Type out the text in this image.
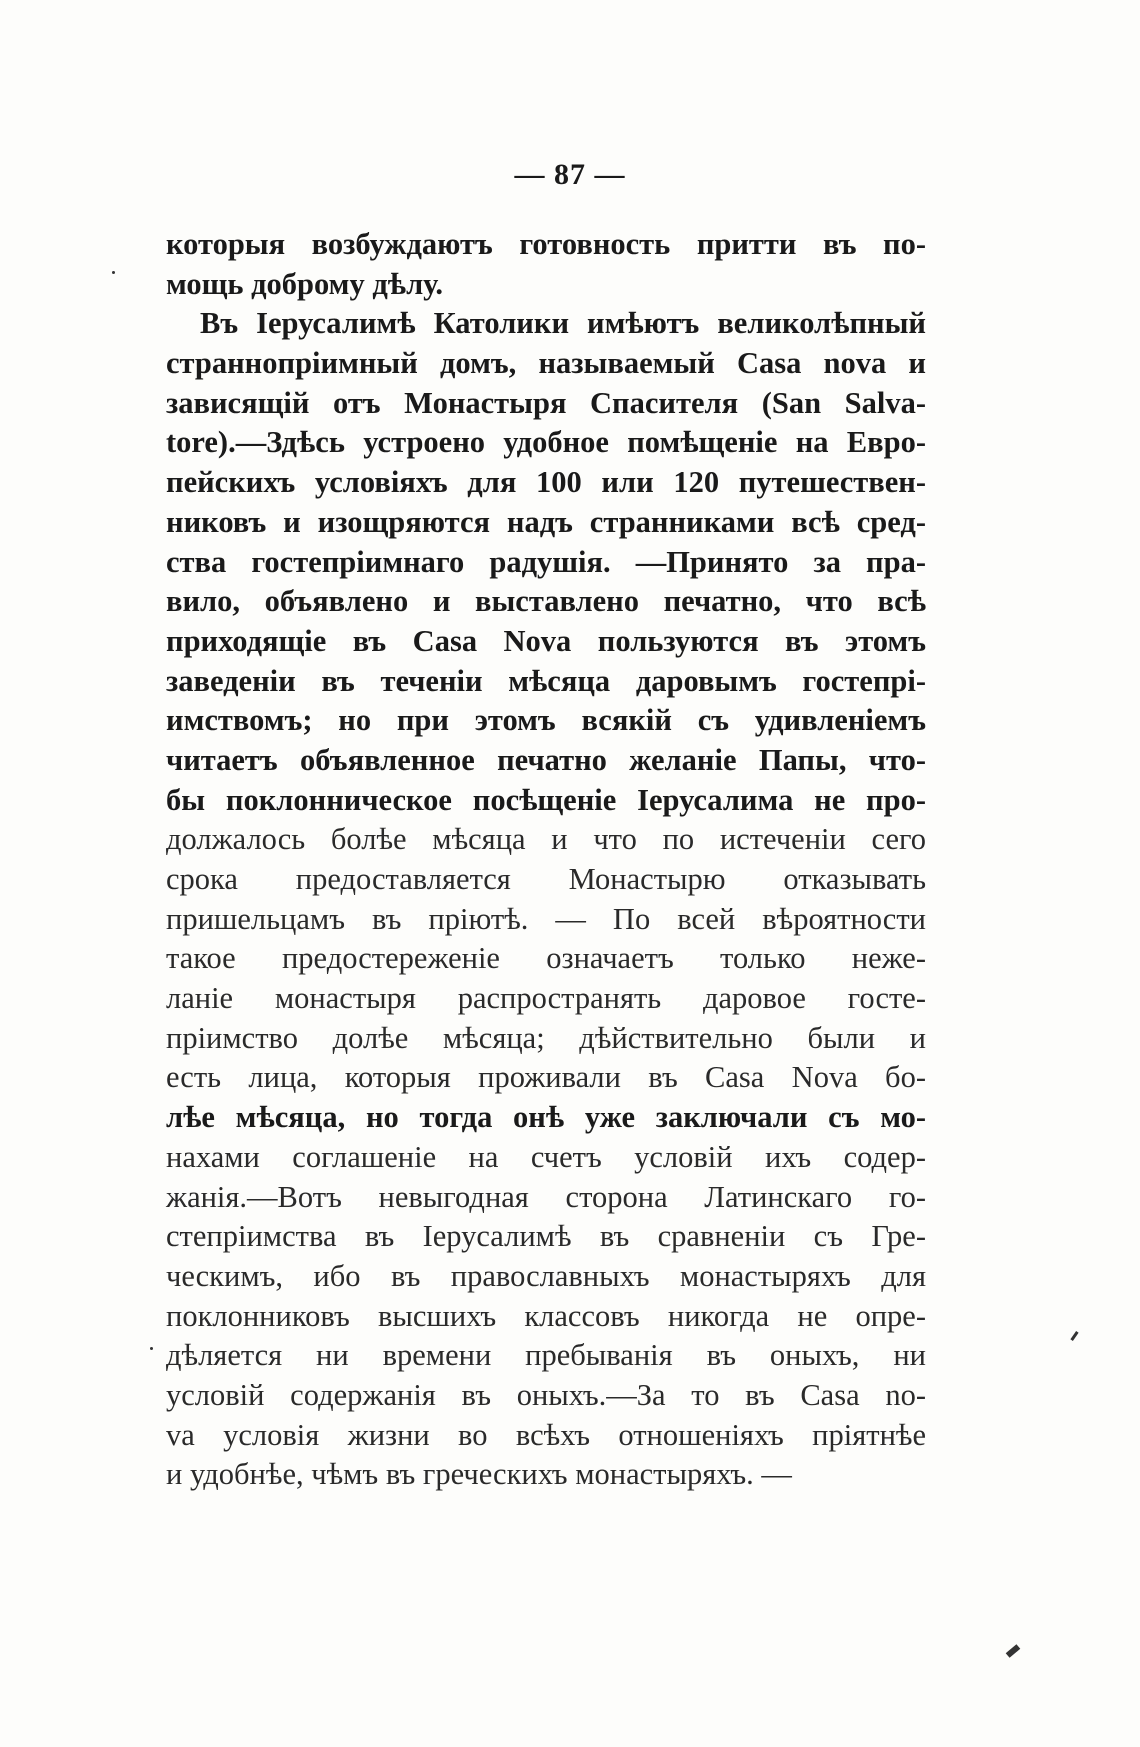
— 87 —
которыя возбуждаютъ готовность притти въ по-
мощь доброму дѣлу.
Въ Іерусалимѣ Католики имѣютъ великолѣпный
страннопріимный домъ, называемый Casa nova и
зависящій отъ Монастыря Спасителя (San Salva-
tore).—Здѣсь устроено удобное помѣщеніе на Евро-
пейскихъ условіяхъ для 100 или 120 путешествен-
никовъ и изощряются надъ странниками всѣ сред-
ства гостепріимнаго радушія. —Принято за пра-
вило, объявлено и выставлено печатно, что всѣ
приходящіе въ Casa Nova пользуются въ этомъ
заведеніи въ теченіи мѣсяца даровымъ гостепрі-
имствомъ; но при этомъ всякій съ удивленіемъ
читаетъ объявленное печатно желаніе Папы, что-
бы поклонническое посѣщеніе Іерусалима не про-
должалось болѣе мѣсяца и что по истеченіи сего
срока предоставляется Монастырю отказывать
пришельцамъ въ пріютѣ. — По всей вѣроятности
такое предостереженіе означаетъ только неже-
ланіе монастыря распространять даровое госте-
пріимство долѣе мѣсяца; дѣйствительно были и
есть лица, которыя проживали въ Casa Nova бо-
лѣе мѣсяца, но тогда онѣ уже заключали съ мо-
нахами соглашеніе на счетъ условій ихъ содер-
жанія.—Вотъ невыгодная сторона Латинскаго го-
степріимства въ Іерусалимѣ въ сравненіи съ Гре-
ческимъ, ибо въ православныхъ монастыряхъ для
поклонниковъ высшихъ классовъ никогда не опре-
дѣляется ни времени пребыванія въ оныхъ, ни
условій содержанія въ оныхъ.—За то въ Casa no-
va условія жизни во всѣхъ отношеніяхъ пріятнѣе
и удобнѣе, чѣмъ въ греческихъ монастыряхъ. —
